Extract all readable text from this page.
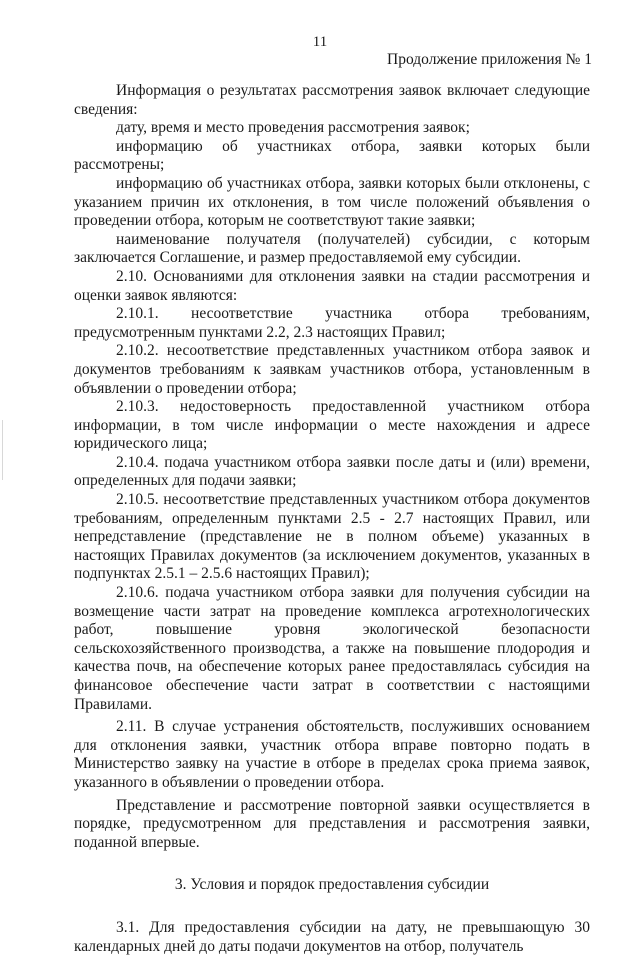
11
Продолжение приложения № 1

Информация о результатах рассмотрения заявок включает следующие сведения:

дату, время и место проведения рассмотрения заявок;

информацию об участниках отбора, заявки которых были рассмотрены;

информацию об участниках отбора, заявки которых были отклонены, с указанием причин их отклонения, в том числе положений объявления о проведении отбора, которым не соответствуют такие заявки;

наименование получателя (получателей) субсидии, с которым заключается Соглашение, и размер предоставляемой ему субсидии.

2.10. Основаниями для отклонения заявки на стадии рассмотрения и оценки заявок являются:

2.10.1. несоответствие участника отбора требованиям, предусмотренным пунктами 2.2, 2.3 настоящих Правил;

2.10.2. несоответствие представленных участником отбора заявок и документов требованиям к заявкам участников отбора, установленным в объявлении о проведении отбора;

2.10.3. недостоверность предоставленной участником отбора информации, в том числе информации о месте нахождения и адресе юридического лица;

2.10.4. подача участником отбора заявки после даты и (или) времени, определенных для подачи заявки;

2.10.5. несоответствие представленных участником отбора документов требованиям, определенным пунктами 2.5 - 2.7 настоящих Правил, или непредставление (представление не в полном объеме) указанных в настоящих Правилах документов (за исключением документов, указанных в подпунктах 2.5.1 – 2.5.6 настоящих Правил);

2.10.6. подача участником отбора заявки для получения субсидии на возмещение части затрат на проведение комплекса агротехнологических работ, повышение уровня экологической безопасности сельскохозяйственного производства, а также на повышение плодородия и качества почв, на обеспечение которых ранее предоставлялась субсидия на финансовое обеспечение части затрат в соответствии с настоящими Правилами.

2.11. В случае устранения обстоятельств, послуживших основанием для отклонения заявки, участник отбора вправе повторно подать в Министерство заявку на участие в отборе в пределах срока приема заявок, указанного в объявлении о проведении отбора.

Представление и рассмотрение повторной заявки осуществляется в порядке, предусмотренном для представления и рассмотрения заявки, поданной впервые.

3. Условия и порядок предоставления субсидии

3.1. Для предоставления субсидии на дату, не превышающую 30 календарных дней до даты подачи документов на отбор, получатель
